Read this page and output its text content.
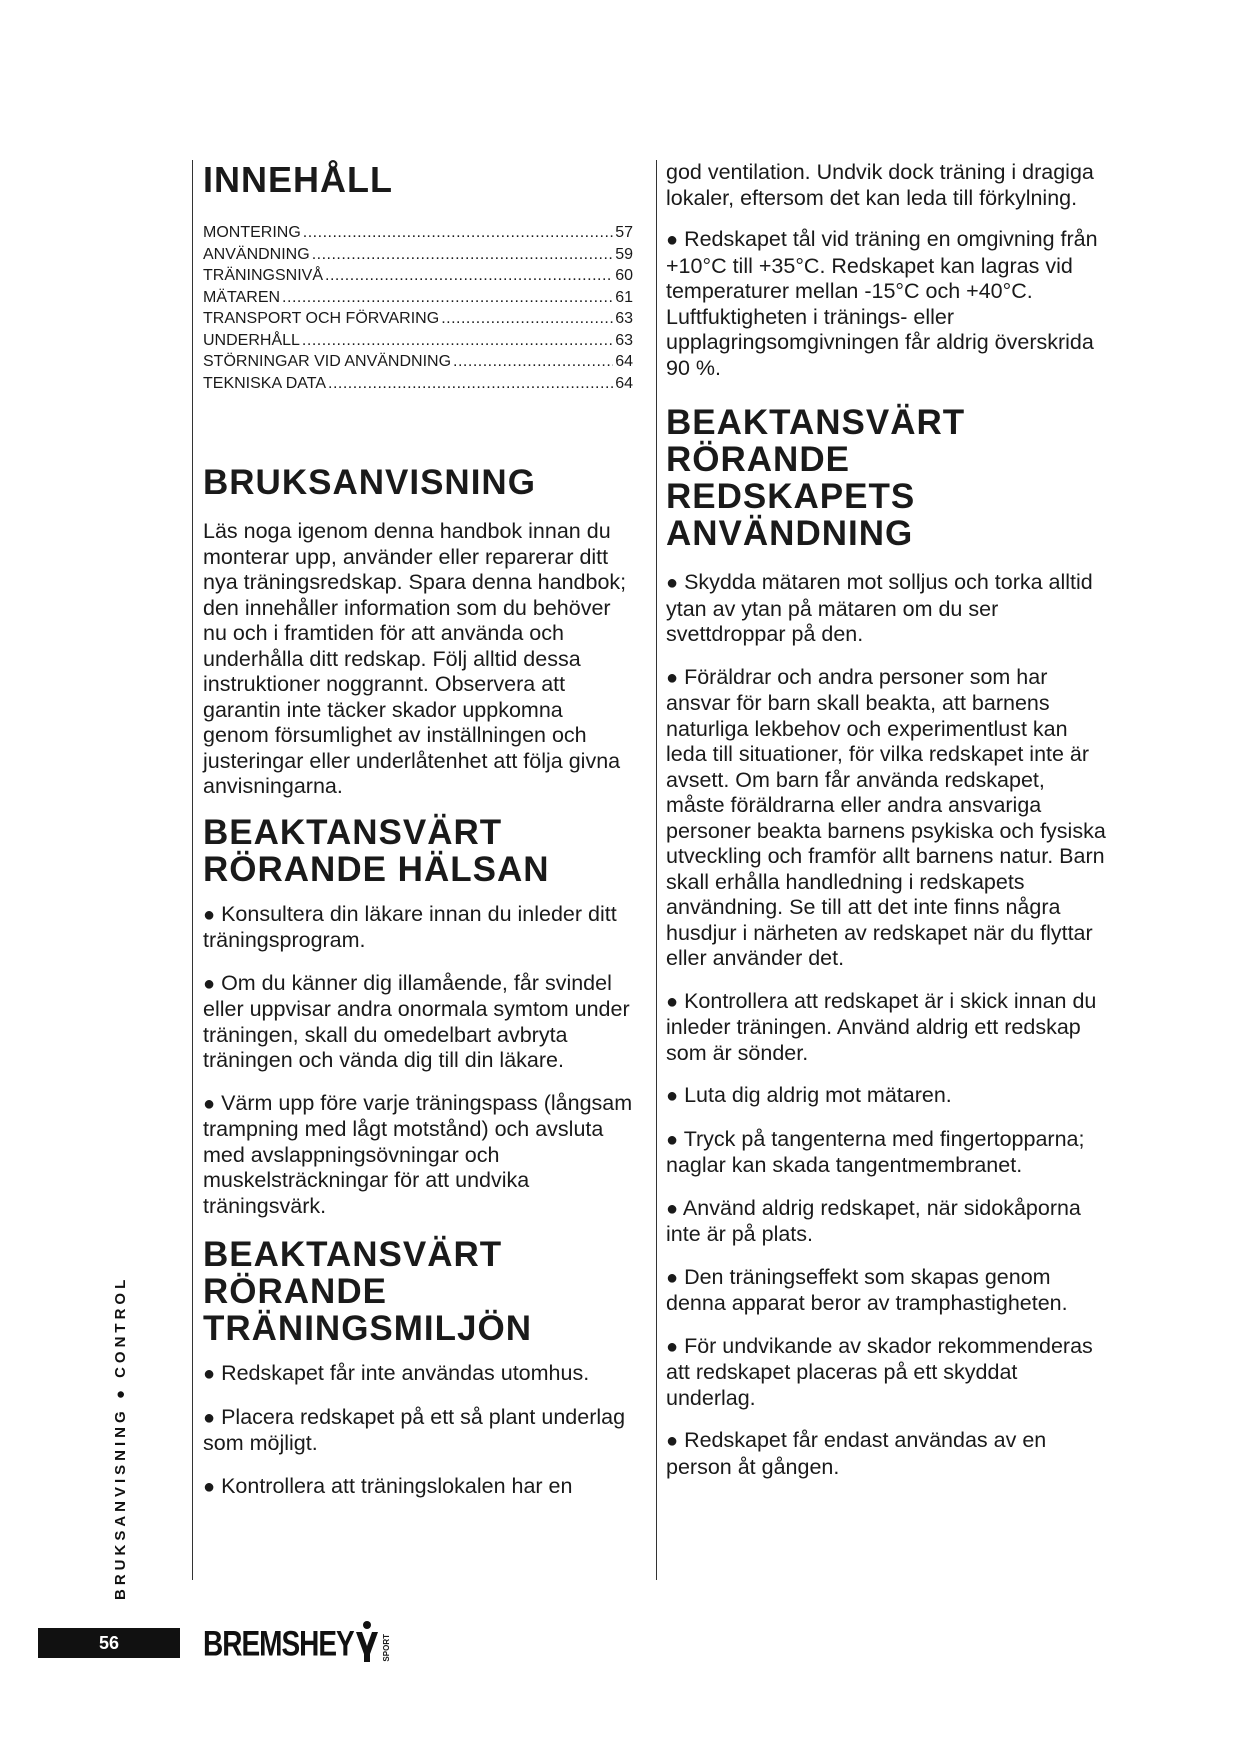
INNEHÅLL
MONTERING .....	57
ANVÄNDNING .....	59
TRÄNINGSNIVÅ .....	60
MÄTAREN .....	61
TRANSPORT OCH FÖRVARING .....	63
UNDERHÅLL .....	63
STÖRNINGAR VID ANVÄNDNING .....	64
TEKNISKA DATA .....	64
BRUKSANVISNING

Läs noga igenom denna handbok innan du monterar upp, använder eller reparerar ditt nya träningsredskap. Spara denna handbok; den innehåller information som du behöver nu och i framtiden för att använda och underhålla ditt redskap. Följ alltid dessa instruktioner noggrannt. Observera att garantin inte täcker skador uppkomna genom försumlighet av inställningen och justeringar eller underlåtenhet att följa givna anvisningarna.

BEAKTANSVÄRT
RÖRANDE HÄLSAN

● Konsultera din läkare innan du inleder ditt träningsprogram.

● Om du känner dig illamående, får svindel eller uppvisar andra onormala symtom under träningen, skall du omedelbart avbryta träningen och vända dig till din läkare.

● Värm upp före varje träningspass (långsam trampning med lågt motstånd) och avsluta med avslappningsövningar och muskelsträckningar för att undvika träningsvärk.

BEAKTANSVÄRT
RÖRANDE
TRÄNINGSMILJÖN

● Redskapet får inte användas utomhus.

● Placera redskapet på ett så plant underlag som möjligt.

● Kontrollera att träningslokalen har en

god ventilation. Undvik dock träning i dragiga lokaler, eftersom det kan leda till förkylning.

● Redskapet tål vid träning en omgivning från +10°C till +35°C. Redskapet kan lagras vid temperaturer mellan -15°C och +40°C. Luftfuktigheten i tränings- eller upplagringsomgivningen får aldrig överskrida 90 %.

BEAKTANSVÄRT
RÖRANDE
REDSKAPETS
ANVÄNDNING

● Skydda mätaren mot solljus och torka alltid ytan av ytan på mätaren om du ser svettdroppar på den.

● Föräldrar och andra personer som har ansvar för barn skall beakta, att barnens naturliga lekbehov och experimentlust kan leda till situationer, för vilka redskapet inte är avsett. Om barn får använda redskapet, måste föräldrarna eller andra ansvariga personer beakta barnens psykiska och fysiska utveckling och framför allt barnens natur. Barn skall erhålla handledning i redskapets användning. Se till att det inte finns några husdjur i närheten av redskapet när du flyttar eller använder det.

● Kontrollera att redskapet är i skick innan du inleder träningen. Använd aldrig ett redskap som är sönder.

● Luta dig aldrig mot mätaren.

● Tryck på tangenterna med fingertopparna; naglar kan skada tangentmembranet.

● Använd aldrig redskapet, när sidokåporna inte är på plats.

● Den träningseffekt som skapas genom denna apparat beror av tramphastigheten.

● För undvikande av skador rekommenderas att redskapet placeras på ett skyddat underlag.

● Redskapet får endast användas av en person åt gången.

BRUKSANVISNING ● CONTROL
56	BREMSHEY	SPORT
